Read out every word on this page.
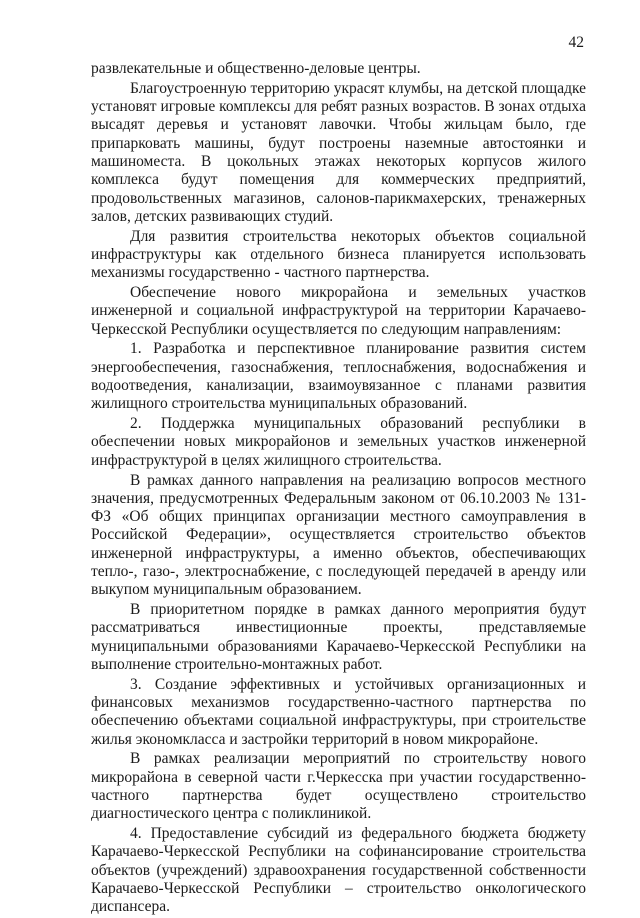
42

развлекательные и общественно-деловые центры.

Благоустроенную территорию украсят клумбы, на детской площадке установят игровые комплексы для ребят разных возрастов. В зонах отдыха высадят деревья и установят лавочки. Чтобы жильцам было, где припарковать машины, будут построены наземные автостоянки и машиноместа. В цокольных этажах некоторых корпусов жилого комплекса будут помещения для коммерческих предприятий, продовольственных магазинов, салонов-парикмахерских, тренажерных залов, детских развивающих студий.

Для развития строительства некоторых объектов социальной инфраструктуры как отдельного бизнеса планируется использовать механизмы государственно - частного партнерства.

Обеспечение нового микрорайона и земельных участков инженерной и социальной инфраструктурой на территории Карачаево-Черкесской Республики осуществляется по следующим направлениям:

1. Разработка и перспективное планирование развития систем энергообеспечения, газоснабжения, теплоснабжения, водоснабжения и водоотведения, канализации, взаимоувязанное с планами развития жилищного строительства муниципальных образований.

2. Поддержка муниципальных образований республики в обеспечении новых микрорайонов и земельных участков инженерной инфраструктурой в целях жилищного строительства.

В рамках данного направления на реализацию вопросов местного значения, предусмотренных Федеральным законом от 06.10.2003 № 131-ФЗ «Об общих принципах организации местного самоуправления в Российской Федерации», осуществляется строительство объектов инженерной инфраструктуры, а именно объектов, обеспечивающих тепло-, газо-, электроснабжение, с последующей передачей в аренду или выкупом муниципальным образованием.

В приоритетном порядке в рамках данного мероприятия будут рассматриваться инвестиционные проекты, представляемые муниципальными образованиями Карачаево-Черкесской Республики на выполнение строительно-монтажных работ.

3. Создание эффективных и устойчивых организационных и финансовых механизмов государственно-частного партнерства по обеспечению объектами социальной инфраструктуры, при строительстве жилья экономкласса и застройки территорий в новом микрорайоне.

В рамках реализации мероприятий по строительству нового микрорайона в северной части г.Черкесска при участии государственно-частного партнерства будет осуществлено строительство диагностического центра с поликлиникой.

4. Предоставление субсидий из федерального бюджета бюджету Карачаево-Черкесской Республики на софинансирование строительства объектов (учреждений) здравоохранения государственной собственности Карачаево-Черкесской Республики – строительство онкологического диспансера.
